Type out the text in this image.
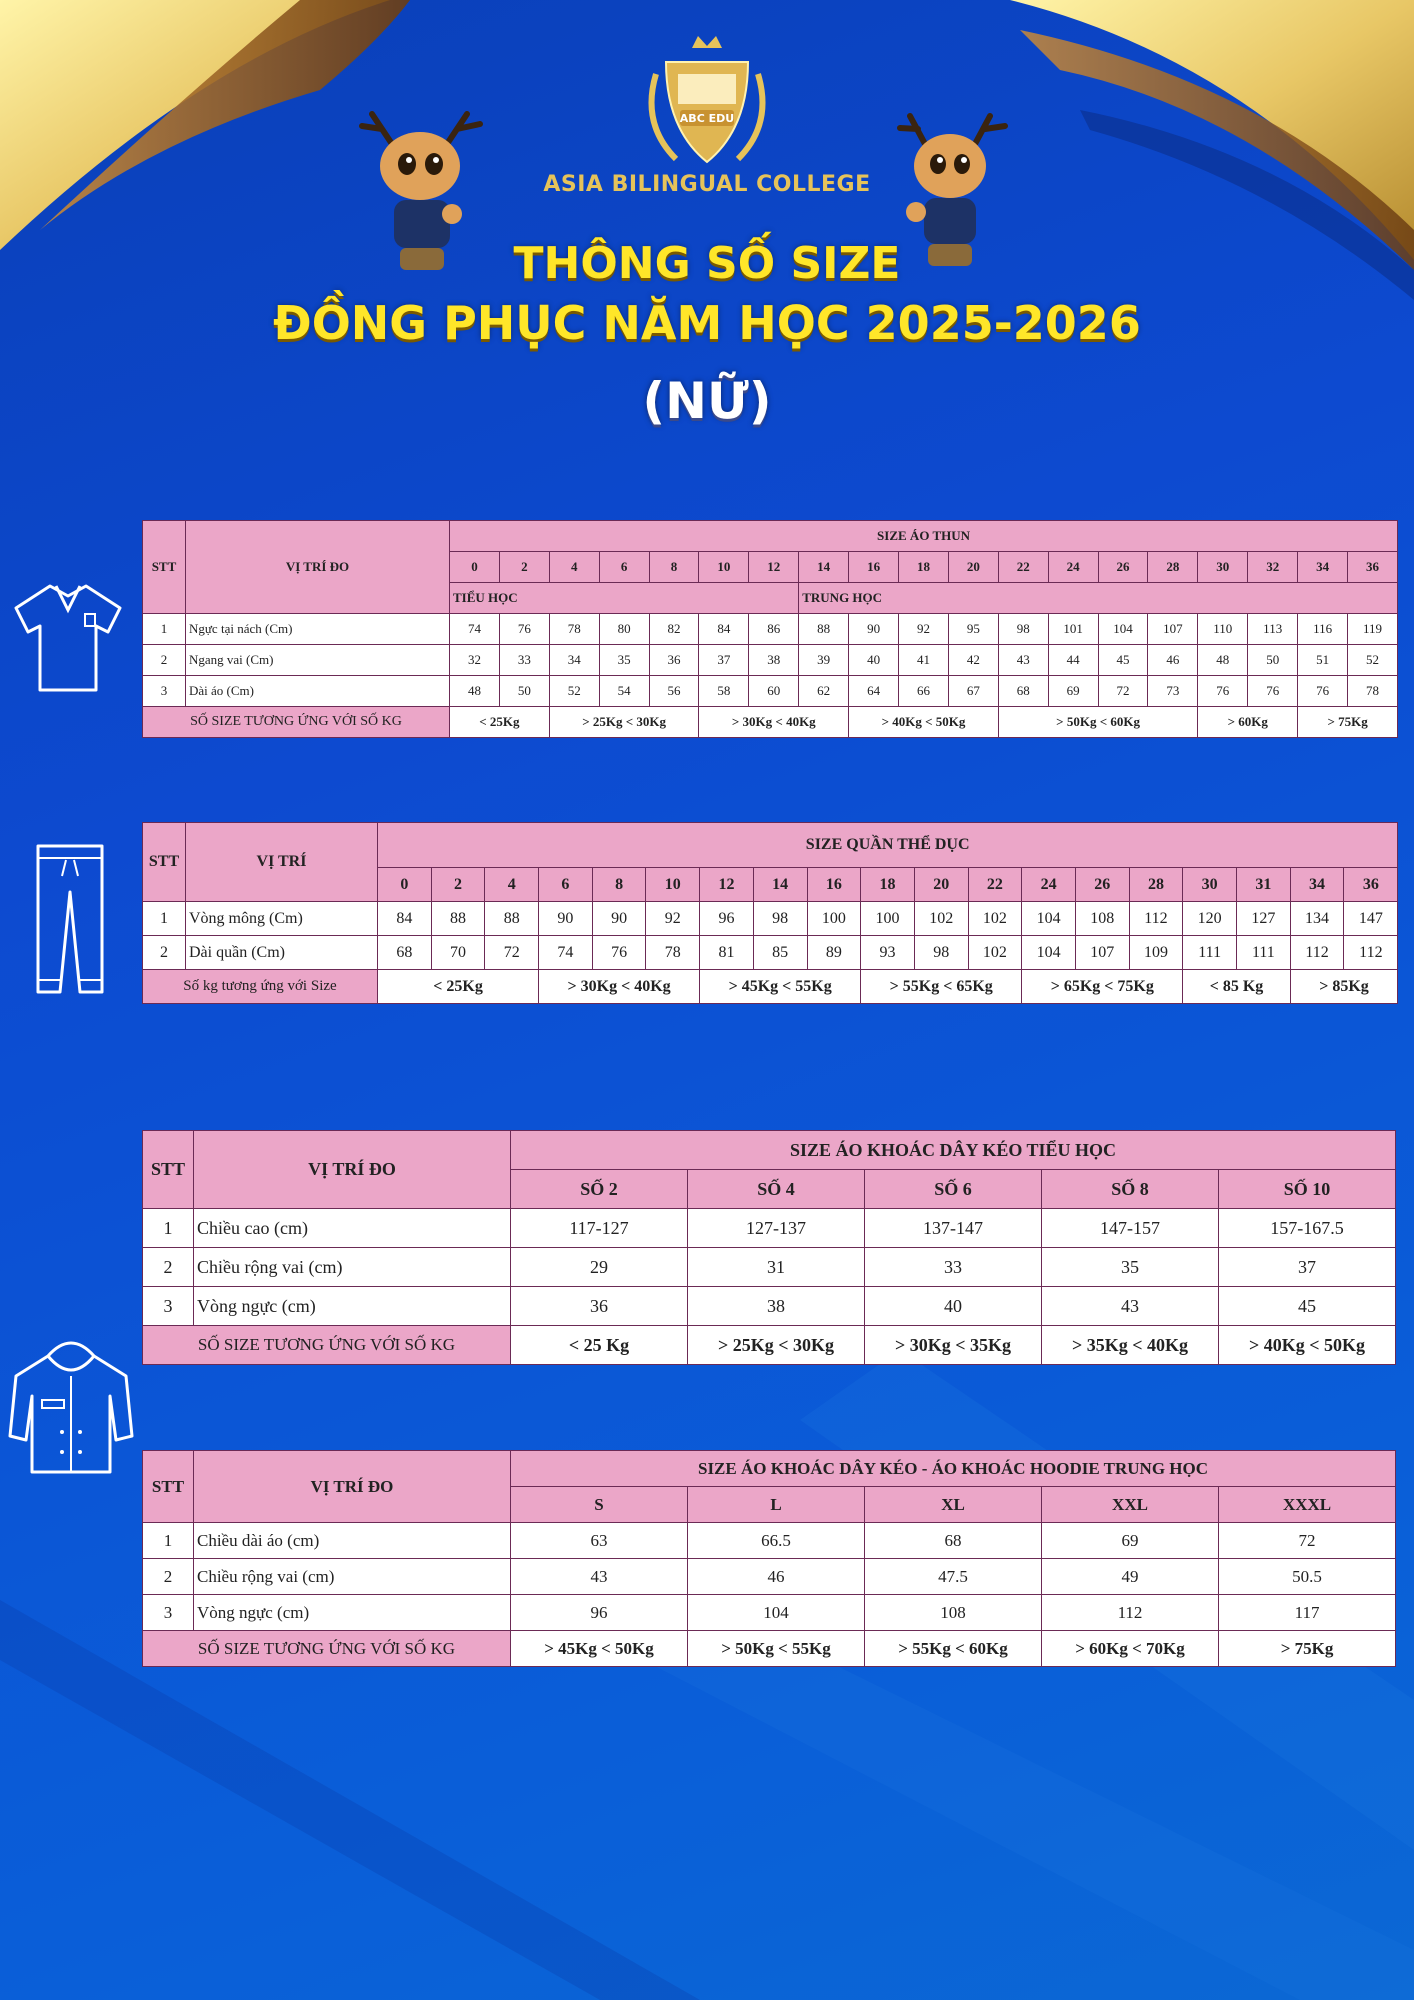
ABC EDU
ASIA BILINGUAL COLLEGE
THÔNG SỐ SIZE
ĐỒNG PHỤC NĂM HỌC 2025-2026
(NỮ)
STT	VỊ TRÍ ĐO	SIZE ÁO THUN																		
		0	2	4	6	8	10	12	14	16	18	20	22	24	26	28	30	32	34	36
		TIỂU HỌC							TRUNG HỌC											
1	Ngực tại nách (Cm)	74	76	78	80	82	84	86	88	90	92	95	98	101	104	107	110	113	116	119
2	Ngang vai (Cm)	32	33	34	35	36	37	38	39	40	41	42	43	44	45	46	48	50	51	52
3	Dài áo (Cm)	48	50	52	54	56	58	60	62	64	66	67	68	69	72	73	76	76	76	78
SỐ SIZE TƯƠNG ỨNG VỚI SỐ KG		< 25Kg		> 25Kg < 30Kg			> 30Kg < 40Kg			> 40Kg < 50Kg			> 50Kg < 60Kg				> 60Kg		> 75Kg	
STT	VỊ TRÍ	SIZE QUẦN THỂ DỤC																		
		0	2	4	6	8	10	12	14	16	18	20	22	24	26	28	30	31	34	36
1	Vòng mông (Cm)	84	88	88	90	90	92	96	98	100	100	102	102	104	108	112	120	127	134	147
2	Dài quần (Cm)	68	70	72	74	76	78	81	85	89	93	98	102	104	107	109	111	111	112	112
Số kg tương ứng với Size		< 25Kg			> 30Kg < 40Kg			> 45Kg < 55Kg			> 55Kg < 65Kg			> 65Kg < 75Kg			< 85 Kg		> 85Kg	
STT	VỊ TRÍ ĐO	SIZE ÁO KHOÁC DÂY KÉO TIỂU HỌC				
		SỐ 2	SỐ 4	SỐ 6	SỐ 8	SỐ 10
1	Chiều cao (cm)	117-127	127-137	137-147	147-157	157-167.5
2	Chiều rộng vai (cm)	29	31	33	35	37
3	Vòng ngực (cm)	36	38	40	43	45
SỐ SIZE TƯƠNG ỨNG VỚI SỐ KG		< 25 Kg	> 25Kg < 30Kg	> 30Kg < 35Kg	> 35Kg < 40Kg	> 40Kg < 50Kg
STT	VỊ TRÍ ĐO	SIZE ÁO KHOÁC DÂY KÉO - ÁO KHOÁC HOODIE TRUNG HỌC				
		S	L	XL	XXL	XXXL
1	Chiều dài áo (cm)	63	66.5	68	69	72
2	Chiều rộng vai (cm)	43	46	47.5	49	50.5
3	Vòng ngực (cm)	96	104	108	112	117
SỐ SIZE TƯƠNG ỨNG VỚI SỐ KG		> 45Kg < 50Kg	> 50Kg < 55Kg	> 55Kg < 60Kg	> 60Kg < 70Kg	> 75Kg
